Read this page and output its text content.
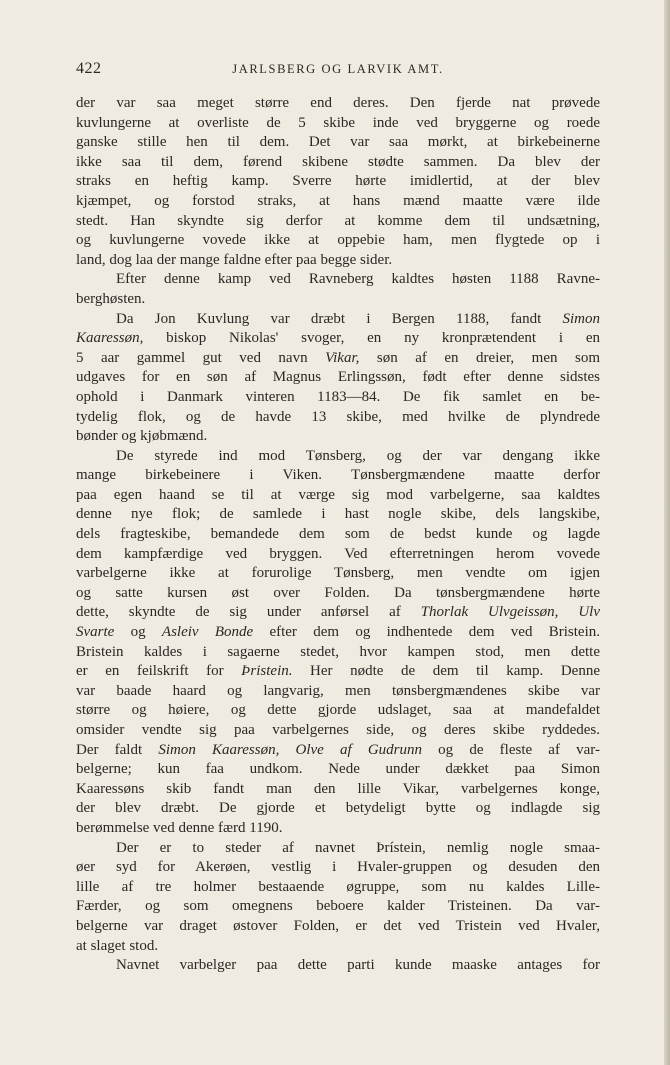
422	JARLSBERG OG LARVIK AMT.
der var saa meget større end deres. Den fjerde nat prøvede
kuvlungerne at overliste de 5 skibe inde ved bryggerne og roede
ganske stille hen til dem. Det var saa mørkt, at birkebeinerne
ikke saa til dem, førend skibene stødte sammen. Da blev der
straks en heftig kamp. Sverre hørte imidlertid, at der blev
kjæmpet, og forstod straks, at hans mænd maatte være ilde
stedt. Han skyndte sig derfor at komme dem til undsætning,
og kuvlungerne vovede ikke at oppebie ham, men flygtede op i
land, dog laa der mange faldne efter paa begge sider.
Efter denne kamp ved Ravneberg kaldtes høsten 1188 Ravne-
berghøsten.
Da Jon Kuvlung var dræbt i Bergen 1188, fandt Simon
Kaaressøn, biskop Nikolas' svoger, en ny kronprætendent i en
5 aar gammel gut ved navn Vikar, søn af en dreier, men som
udgaves for en søn af Magnus Erlingssøn, født efter denne sidstes
ophold i Danmark vinteren 1183—84. De fik samlet en be-
tydelig flok, og de havde 13 skibe, med hvilke de plyndrede
bønder og kjøbmænd.
De styrede ind mod Tønsberg, og der var dengang ikke
mange birkebeinere i Viken. Tønsbergmændene maatte derfor
paa egen haand se til at værge sig mod varbelgerne, saa kaldtes
denne nye flok; de samlede i hast nogle skibe, dels langskibe,
dels fragteskibe, bemandede dem som de bedst kunde og lagde
dem kampfærdige ved bryggen. Ved efterretningen herom vovede
varbelgerne ikke at forurolige Tønsberg, men vendte om igjen
og satte kursen øst over Folden. Da tønsbergmændene hørte
dette, skyndte de sig under anførsel af Thorlak Ulvgeissøn, Ulv
Svarte og Asleiv Bonde efter dem og indhentede dem ved Bristein.
Bristein kaldes i sagaerne stedet, hvor kampen stod, men dette
er en feilskrift for Þristein. Her nødte de dem til kamp. Denne
var baade haard og langvarig, men tønsbergmændenes skibe var
større og høiere, og dette gjorde udslaget, saa at mandefaldet
omsider vendte sig paa varbelgernes side, og deres skibe ryddedes.
Der faldt Simon Kaaressøn, Olve af Gudrunn og de fleste af var-
belgerne; kun faa undkom. Nede under dækket paa Simon
Kaaressøns skib fandt man den lille Vikar, varbelgernes konge,
der blev dræbt. De gjorde et betydeligt bytte og indlagde sig
berømmelse ved denne færd 1190.
Der er to steder af navnet Þrístein, nemlig nogle smaa-
øer syd for Akerøen, vestlig i Hvaler-gruppen og desuden den
lille af tre holmer bestaaende øgruppe, som nu kaldes Lille-
Færder, og som omegnens beboere kalder Tristeinen. Da var-
belgerne var draget østover Folden, er det ved Tristein ved Hvaler,
at slaget stod.
Navnet varbelger paa dette parti kunde maaske antages for
